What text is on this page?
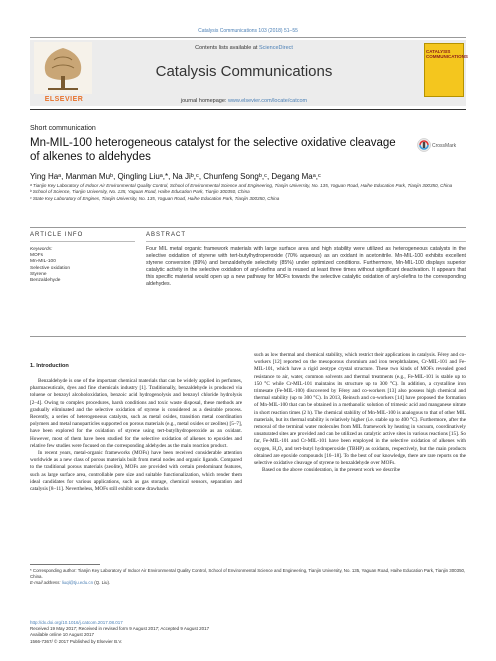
Catalysis Communications 103 (2018) 51–55
ELSEVIER
Contents lists available at ScienceDirect
Catalysis Communications
journal homepage: www.elsevier.com/locate/catcom
CATALYSIS COMMUNICATIONS
Short communication
Mn-MIL-100 heterogeneous catalyst for the selective oxidative cleavage of alkenes to aldehydes
CrossMark
Ying Haᵃ, Manman Muᵇ, Qingling Liuᵃ,*, Na Jiᵇ,ᶜ, Chunfeng Songᵇ,ᶜ, Degang Maᵃ,ᶜ
ᵃ Tianjin Key Laboratory of Indoor Air Environmental Quality Control, School of Environmental Science and Engineering, Tianjin University, No. 135, Yaguan Road, Haihe Education Park, Tianjin 300350, China
ᵇ School of Science, Tianjin University, No. 135, Yaguan Road, Haihe Education Park, Tianjin 300350, China
ᶜ State Key Laboratory of Engines, Tianjin University, No. 135, Yaguan Road, Haihe Education Park, Tianjin 300350, China
ARTICLE INFO	ABSTRACT
Keywords:
MOFs
Mn-MIL-100
Selective oxidation
Styrene
Benzaldehyde
Four MIL metal organic framework materials with large surface area and high stability were utilized as heterogeneous catalysts in the selective oxidation of styrene with tert-butylhydroperoxide (70% aqueous) as an oxidant in acetonitrile. Mn-MIL-100 exhibits excellent styrene conversion (89%) and benzaldehyde selectivity (85%) under optimized conditions. Furthermore, Mn-MIL-100 displays superior catalytic activity in the selective oxidation of aryl-olefins and is reused at least three times without significant deactivation. It appears that this specific material would open up a new pathway for MOFs towards the selective catalytic oxidation of aryl-olefins to the corresponding aldehydes.
1. Introduction

Benzaldehyde is one of the important chemical materials that can be widely applied in perfumes, pharmaceuticals, dyes and fine chemicals industry [1]. Traditionally, benzaldehyde is produced via toluene or benzoyl alcoholoxidation, benzoic acid hydrogenolysis and benzoyl chloride hydrolysis [2–4]. Owing to complex procedures, harsh conditions and toxic waste disposal, these methods are gradually eliminated and the selective oxidation of styrene is considered as a desirable process. Recently, a series of heterogeneous catalysts, such as metal oxides, transition metal coordination polymers and metal nanoparticles supported on porous materials (e.g., metal oxides or zeolites) [5–7], have been explored for the oxidation of styrene using tert-butylhydroperoxide as an oxidant. However, most of them have been studied for the selective oxidation of alkenes to epoxides and relative few studies were focused on the corresponding aldehydes as the main reaction product.

In recent years, metal-organic frameworks (MOFs) have been received considerable attention worldwide as a new class of porous materials built from metal nodes and organic ligands. Compared to the traditional porous materials (zeolite), MOFs are provided with certain predominant features, such as large surface area, controllable pore size and suitable functionalization, which render them ideal candidates for various applications, such as gas storage, chemical sensors, separation and catalysis [8–11]. Nevertheless, MOFs still exhibit some drawbacks

such as low thermal and chemical stability, which restrict their applications in catalysis. Férey and co-workers [12] reported on the mesoporous chromium and iron terephthalates, Cr-MIL-101 and Fe-MIL-101, which have a rigid zeotype crystal structure. These two kinds of MOFs revealed good resistance to air, water, common solvents and thermal treatments (e.g., Fe-MIL-101 is stable up to 150 °C while Cr-MIL-101 maintains its structure up to 300 °C). In addition, a crystalline iron trimesate (Fe-MIL-100) discovered by Férey and co-workers [13] also possess high chemical and thermal stability (up to 300 °C). In 2013, Reinsch and co-workers [14] have proposed the formation of Mn-MIL-100 that can be obtained in a methanolic solution of trimesic acid and manganese nitrate in short reaction times (2 h). The chemical stability of Mn-MIL-100 is analogous to that of other MIL materials, but its thermal stability is relatively higher (i.e. stable up to 400 °C). Furthermore, after the removal of the terminal water molecules from MIL framework by heating in vacuum, coordinatively unsaturated sites are provided and can be utilized as catalytic active sites in various reactions [15]. So far, Fe-MIL-101 and Cr-MIL-101 have been employed in the selective oxidation of alkenes with oxygen, H₂O₂ and tert-butyl hydroperoxide (TBHP) as oxidants, respectively, but the main products obtained are epoxide compounds [16–18]. To the best of our knowledge, there are rare reports on the selective oxidative cleavage of styrene to benzaldehyde over MOFs.

Based on the above consideration, in the present work we describe

* Corresponding author: Tianjin Key Laboratory of Indoor Air Environmental Quality Control, School of Environmental Science and Engineering, Tianjin University, No. 135, Yaguan Road, Haihe Education Park, Tianjin 300350, China.
E-mail address: liuql@tju.edu.cn (Q. Liu).
http://dx.doi.org/10.1016/j.catcom.2017.08.017
Received 19 May 2017; Received in revised form 9 August 2017; Accepted 9 August 2017
Available online 10 August 2017
1566-7367/ © 2017 Published by Elsevier B.V.
